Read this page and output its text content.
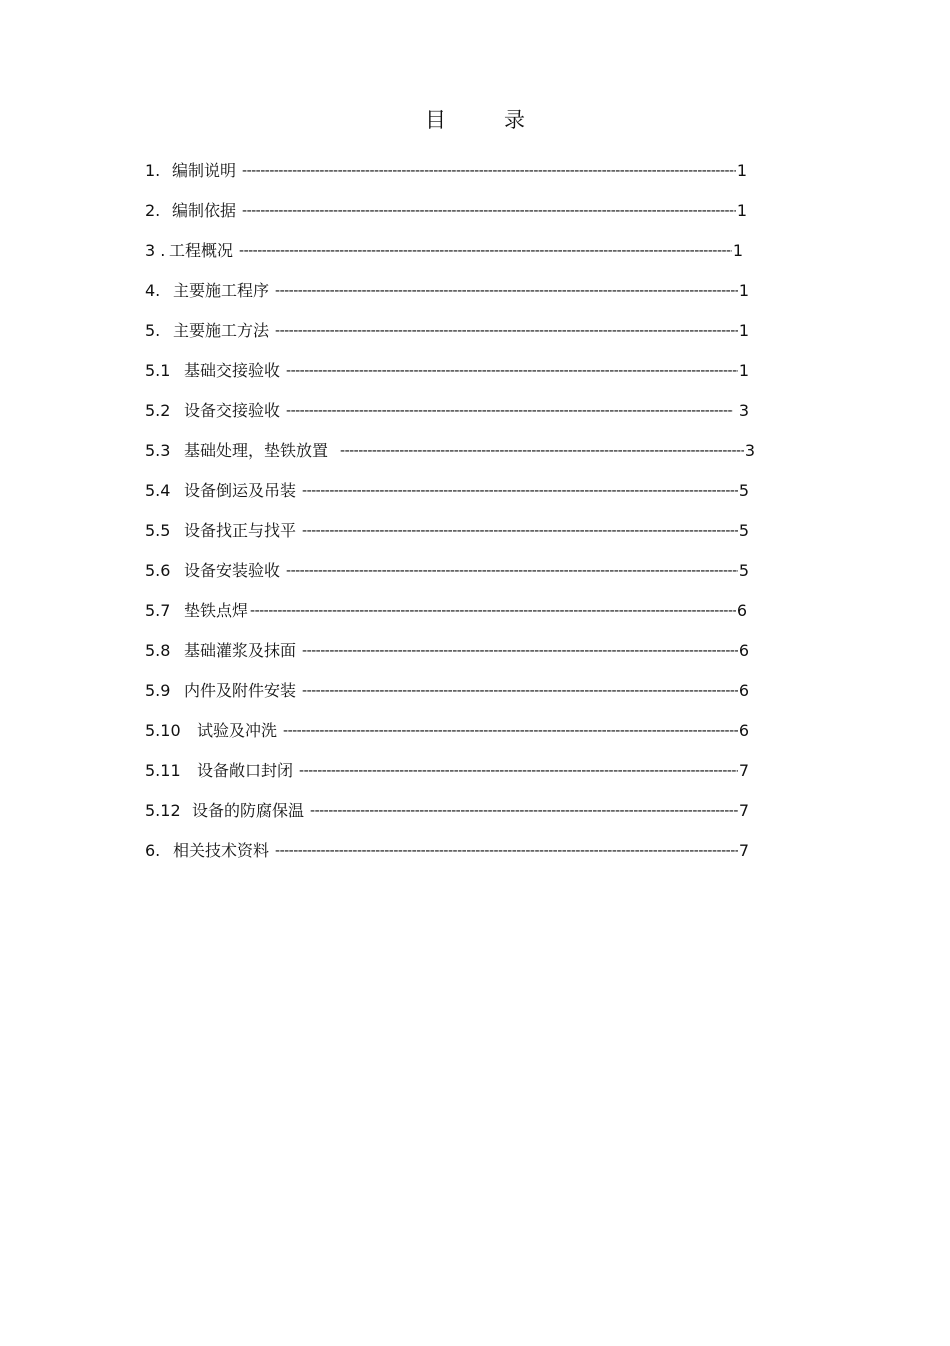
目	录
1. 编制说明 -----	1
2. 编制依据 -----	1
3 . 工程概况 -----	1
4. 主要施工程序 -----	1
5. 主要施工方法 -----	1
5.1 基础交接验收 -----	1
5.2 设备交接验收 -----	3
5.3 基础处理，垫铁放置 -----	3
5.4 设备倒运及吊装 -----	5
5.5 设备找正与找平 -----	5
5.6 设备安装验收 -----	5
5.7 垫铁点焊 -----	6
5.8 基础灌浆及抹面 -----	6
5.9 内件及附件安装 -----	6
5.10	试验及冲洗 -----	6
5.11	设备敞口封闭 -----	7
5.12 设备的防腐保温 -----	7
6. 相关技术资料 -----	7
